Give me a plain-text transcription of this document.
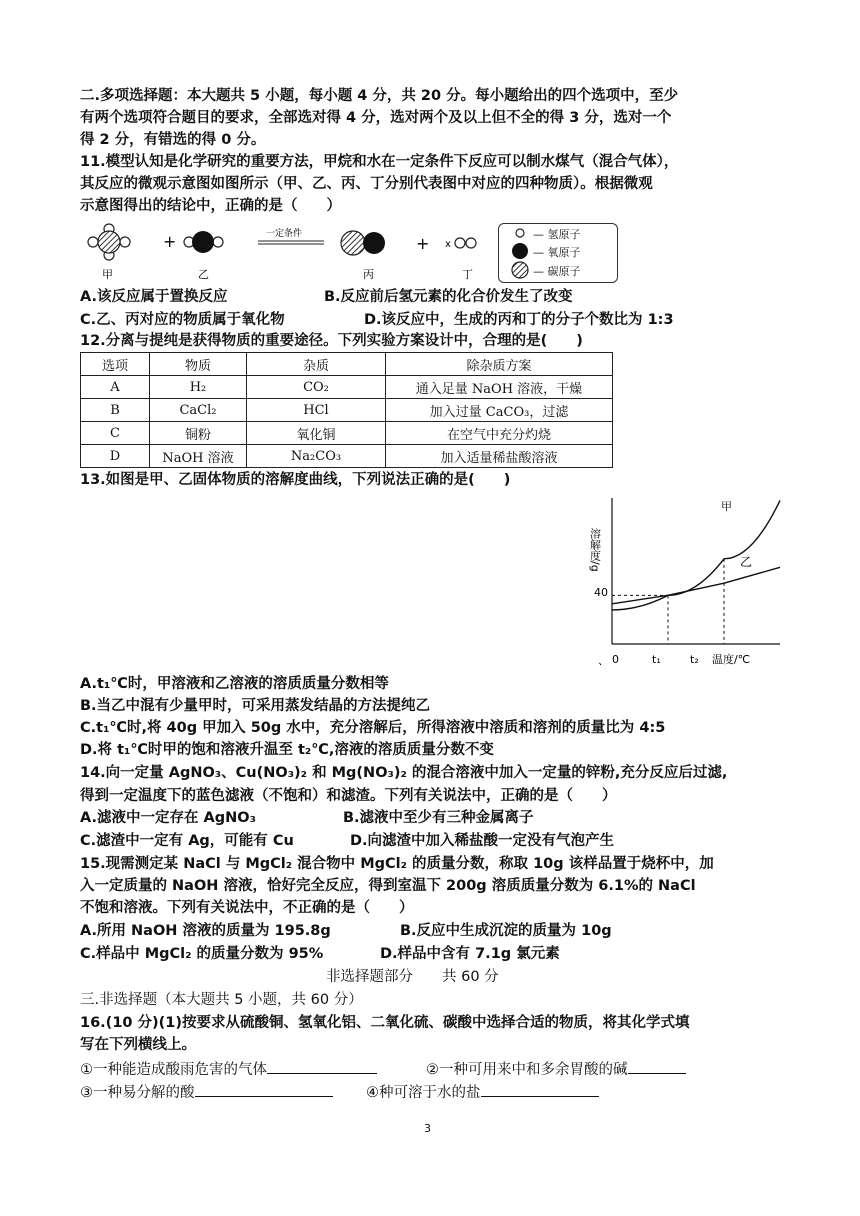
二.多项选择题：本大题共 5 小题，每小题 4 分，共 20 分。每小题给出的四个选项中，至少
有两个选项符合题目的要求，全部选对得 4 分，选对两个及以上但不全的得 3 分，选对一个
得 2 分，有错选的得 0 分。
11.模型认知是化学研究的重要方法，甲烷和水在一定条件下反应可以制水煤气（混合气体），
其反应的微观示意图如图所示（甲、乙、丙、丁分别代表图中对应的四种物质）。根据微观
示意图得出的结论中，正确的是（　　）
甲
+
乙
一定条件
丙
+ x
丁
— 氢原子
— 氧原子
— 碳原子
A.该反应属于置换反应	B.反应前后氢元素的化合价发生了改变
C.乙、丙对应的物质属于氧化物	D.该反应中，生成的丙和丁的分子个数比为 1:3
12.分离与提纯是获得物质的重要途径。下列实验方案设计中，合理的是(　　)
选项	物质	杂质	除杂质方案
A	H₂	CO₂	通入足量 NaOH 溶液，干燥
B	CaCl₂	HCl	加入过量 CaCO₃，过滤
C	铜粉	氧化铜	在空气中充分灼烧
D	NaOH 溶液	Na₂CO₃	加入适量稀盐酸溶液
13.如图是甲、乙固体物质的溶解度曲线，下列说法正确的是(　　)
溶解度/g
温度/℃
0
40
t₁	t₂
甲
乙
、
A.t₁℃时，甲溶液和乙溶液的溶质质量分数相等
B.当乙中混有少量甲时，可采用蒸发结晶的方法提纯乙
C.t₁℃时,将 40g 甲加入 50g 水中，充分溶解后，所得溶液中溶质和溶剂的质量比为 4:5
D.将 t₁℃时甲的饱和溶液升温至 t₂℃,溶液的溶质质量分数不变
14.向一定量 AgNO₃、Cu(NO₃)₂ 和 Mg(NO₃)₂ 的混合溶液中加入一定量的锌粉,充分反应后过滤,
得到一定温度下的蓝色滤液（不饱和）和滤渣。下列有关说法中，正确的是（　　）
A.滤液中一定存在 AgNO₃	B.滤液中至少有三种金属离子
C.滤渣中一定有 Ag，可能有 Cu	D.向滤渣中加入稀盐酸一定没有气泡产生
15.现需测定某 NaCl 与 MgCl₂ 混合物中 MgCl₂ 的质量分数，称取 10g 该样品置于烧杯中，加
入一定质量的 NaOH 溶液，恰好完全反应，得到室温下 200g 溶质质量分数为 6.1%的 NaCl
不饱和溶液。下列有关说法中，不正确的是（　　）
A.所用 NaOH 溶液的质量为 195.8g	B.反应中生成沉淀的质量为 10g
C.样品中 MgCl₂ 的质量分数为 95%	D.样品中含有 7.1g 氯元素
非选择题部分　　共 60 分
三.非选择题（本大题共 5 小题，共 60 分）
16.(10 分)(1)按要求从硫酸铜、氢氧化铝、二氧化硫、碳酸中选择合适的物质，将其化学式填
写在下列横线上。
①一种能造成酸雨危害的气体	②一种可用来中和多余胃酸的碱
③一种易分解的酸	④种可溶于水的盐
3
